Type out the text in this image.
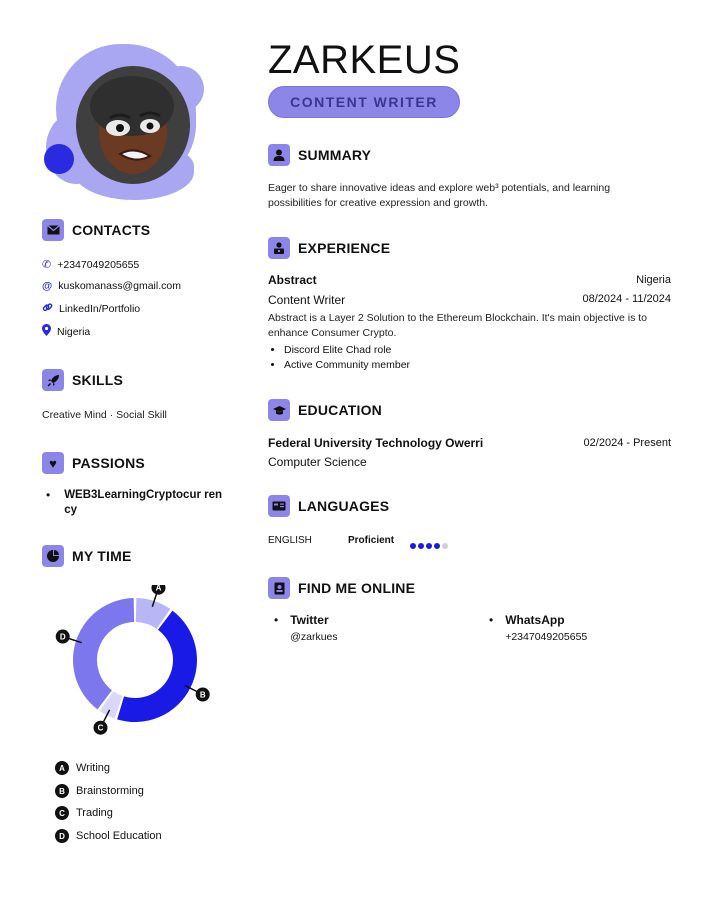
CONTACTS
✆ +2347049205655
@ kuskomanass@gmail.com
LinkedIn/Portfolio
Nigeria
SKILLS
Creative Mind · Social Skill
♥	PASSIONS
• WEB3LearningCryptocur rency
MY TIME
A
B
C
D
A	Writing
B	Brainstorming
C	Trading
D	School Education
ZARKEUS
CONTENT WRITER
SUMMARY
Eager to share innovative ideas and explore web³ potentials, and learning possibilities for creative expression and growth.
EXPERIENCE
Abstract	Nigeria
Content Writer	08/2024 - 11/2024
Abstract is a Layer 2 Solution to the Ethereum Blockchain. It's main objective is to enhance Consumer Crypto.
• Discord Elite Chad role
• Active Community member
EDUCATION
Federal University Technology Owerri	02/2024 - Present
Computer Science
LANGUAGES
ENGLISH	Proficient
FIND ME ONLINE
• Twitter
@zarkues
• WhatsApp
+2347049205655
